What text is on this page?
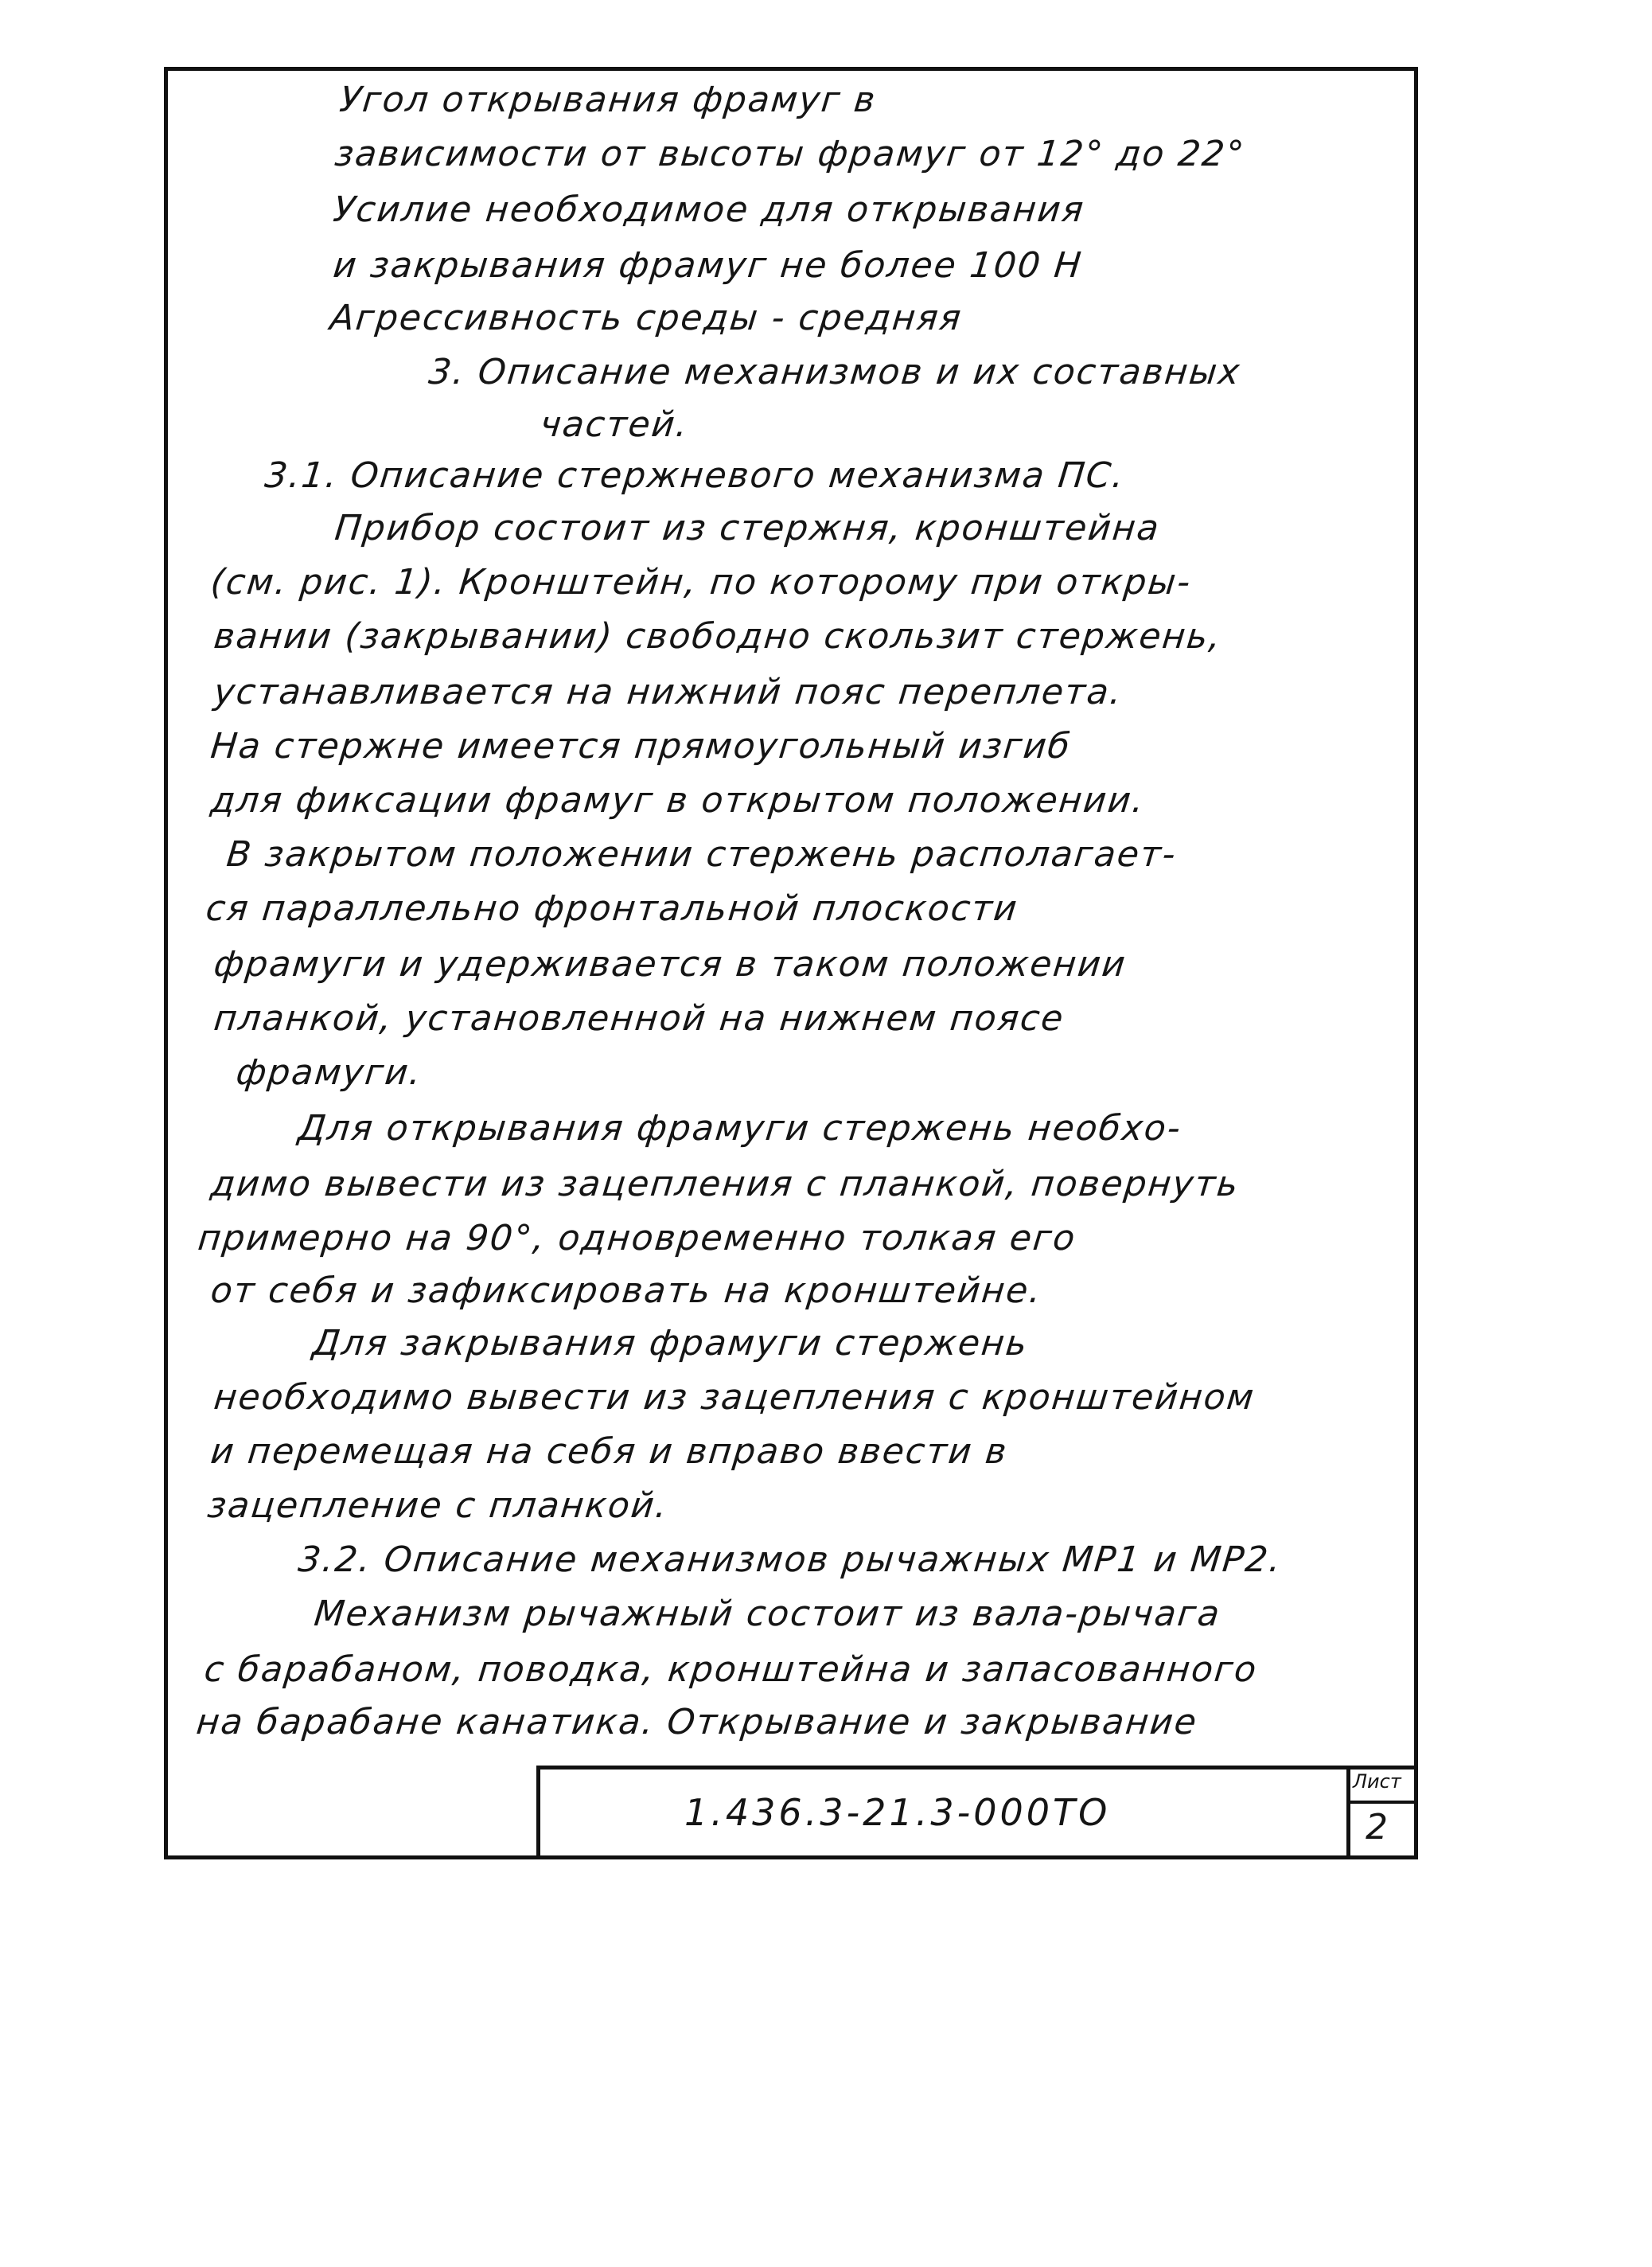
Угол открывания фрамуг в
зависимости от высоты фрамуг от 12° до 22°
Усилие необходимое для открывания
и закрывания фрамуг не более 100 Н
Агрессивность среды - средняя
3. Описание механизмов и их составных
частей.
3.1. Описание стержневого механизма ПС.
Прибор состоит из стержня, кронштейна
(см. рис. 1). Кронштейн, по которому при откры-
вании (закрывании) свободно скользит стержень,
устанавливается на нижний пояс переплета.
На стержне имеется прямоугольный изгиб
для фиксации фрамуг в открытом положении.
В закрытом положении стержень располагает-
ся параллельно фронтальной плоскости
фрамуги и удерживается в таком положении
планкой, установленной на нижнем поясе
фрамуги.
Для открывания фрамуги стержень необхо-
димо вывести из зацепления с планкой, повернуть
примерно на 90°, одновременно толкая его
от себя и зафиксировать на кронштейне.
Для закрывания фрамуги стержень
необходимо вывести из зацепления с кронштейном
и перемещая на себя и вправо ввести в
зацепление с планкой.
3.2. Описание механизмов рычажных МР1 и МР2.
Механизм рычажный состоит из вала-рычага
с барабаном, поводка, кронштейна и запасованного
на барабане канатика. Открывание и закрывание
1.436.3-21.3-000ТО
Лист
2
